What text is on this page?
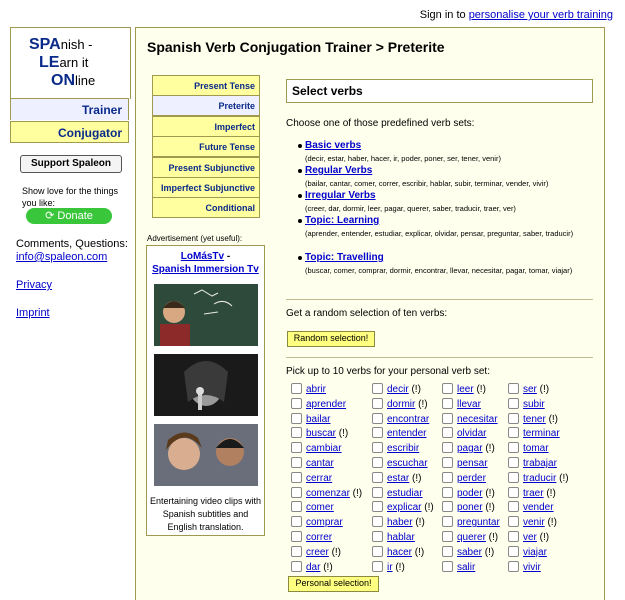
Sign in to personalise your verb training
SPAnish -
LEarn it
ONline
Trainer
Conjugator
Support Spaleon
Show love for the things you like:
⟳ Donate
Comments, Questions:
info@spaleon.com
Privacy
Imprint
Spanish Verb Conjugation Trainer > Preterite
Present Tense
Preterite
Imperfect
Future Tense
Present Subjunctive
Imperfect Subjunctive
Conditional
Advertisement (yet useful):
LoMásTv -
Spanish Immersion Tv
Entertaining video clips with Spanish subtitles and English translation.
Select verbs
Choose one of those predefined verb sets:
Basic verbs
(decir, estar, haber, hacer, ir, poder, poner, ser, tener, venir)
Regular Verbs
(bailar, cantar, comer, correr, escribir, hablar, subir, terminar, vender, vivir)
Irregular Verbs
(creer, dar, dormir, leer, pagar, querer, saber, traducir, traer, ver)
Topic: Learning
(aprender, entender, estudiar, explicar, olvidar, pensar, preguntar, saber, traducir)
Topic: Travelling
(buscar, comer, comprar, dormir, encontrar, llevar, necesitar, pagar, tomar, viajar)
Get a random selection of ten verbs:
Random selection!
Pick up to 10 verbs for your personal verb set:
abrir
aprender
bailar
buscar (!)
cambiar
cantar
cerrar
comenzar (!)
comer
comprar
correr
creer (!)
dar (!)
decir (!)
dormir (!)
encontrar
entender
escribir
escuchar
estar (!)
estudiar
explicar (!)
haber (!)
hablar
hacer (!)
ir (!)
leer (!)
llevar
necesitar
olvidar
pagar (!)
pensar
perder
poder (!)
poner (!)
preguntar
querer (!)
saber (!)
salir
ser (!)
subir
tener (!)
terminar
tomar
trabajar
traducir (!)
traer (!)
vender
venir (!)
ver (!)
viajar
vivir
Personal selection!
